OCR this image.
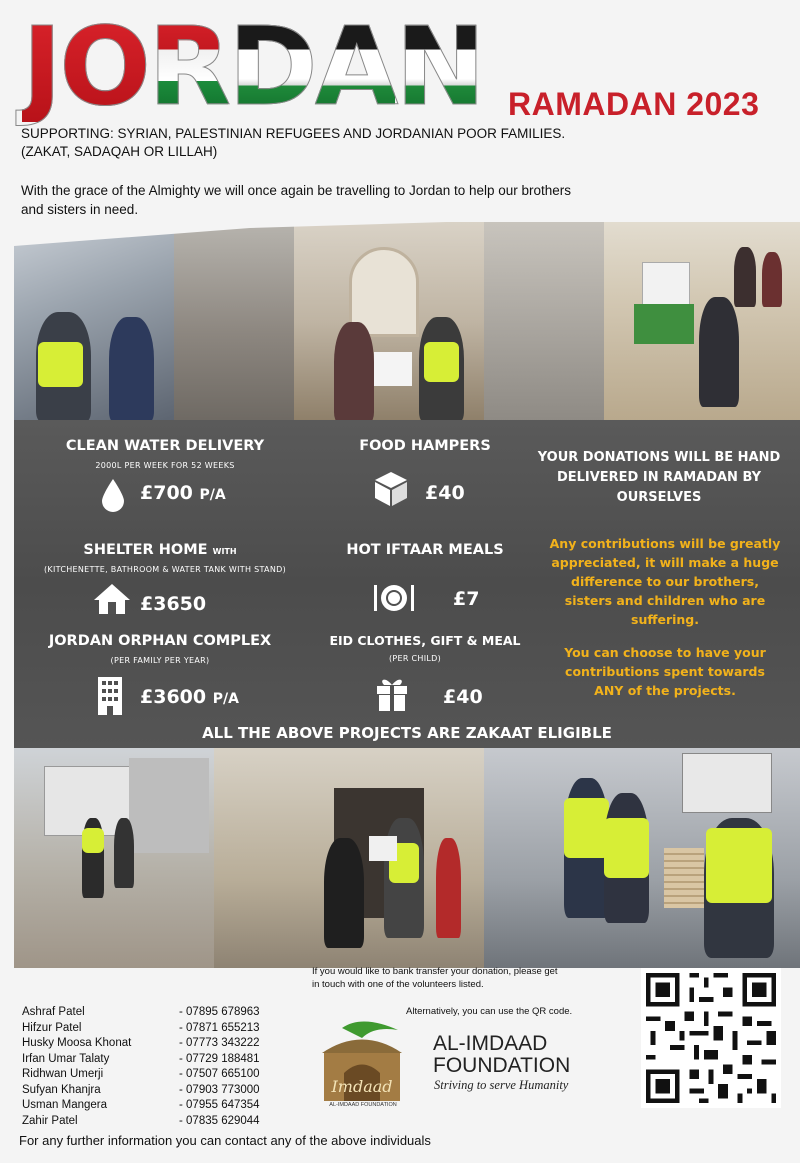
JORDAN RAMADAN 2023
SUPPORTING: SYRIAN, PALESTINIAN REFUGEES AND JORDANIAN POOR FAMILIES.
(ZAKAT, SADAQAH OR LILLAH)
With the grace of the Almighty we will once again be travelling to Jordan to help our brothers
and sisters in need.
CLEAN WATER DELIVERY
2000L PER WEEK FOR 52 WEEKS
£700 P/A
FOOD HAMPERS
£40
SHELTER HOME WITH
(KITCHENETTE, BATHROOM & WATER TANK WITH STAND)
£3650
HOT IFTAAR MEALS
£7
JORDAN ORPHAN COMPLEX
(PER FAMILY PER YEAR)
£3600 P/A
EID CLOTHES, GIFT & MEAL
(PER CHILD)
£40
YOUR DONATIONS WILL BE HAND
DELIVERED IN RAMADAN BY
OURSELVES
Any contributions will be greatly
appreciated, it will make a huge
difference to our brothers,
sisters and children who are
suffering.
You can choose to have your
contributions spent towards
ANY of the projects.
ALL THE ABOVE PROJECTS ARE ZAKAAT ELIGIBLE
If you would like to bank transfer your donation, please get
in touch with one of the volunteers listed.
Alternatively, you can use the QR code.
Ashraf Patel	- 07895 678963
Hifzur Patel	- 07871 655213
Husky Moosa Khonat	- 07773 343222
Irfan Umar Talaty	- 07729 188481
Ridhwan Umerji	- 07507 665100
Sufyan Khanjra	- 07903 773000
Usman Mangera	- 07955 647354
Zahir Patel	- 07835 629044
For any further information you can contact any of the above individuals
Imdaad
AL-IMDAAD FOUNDATION
AL-IMDAAD
FOUNDATION
Striving to serve Humanity
